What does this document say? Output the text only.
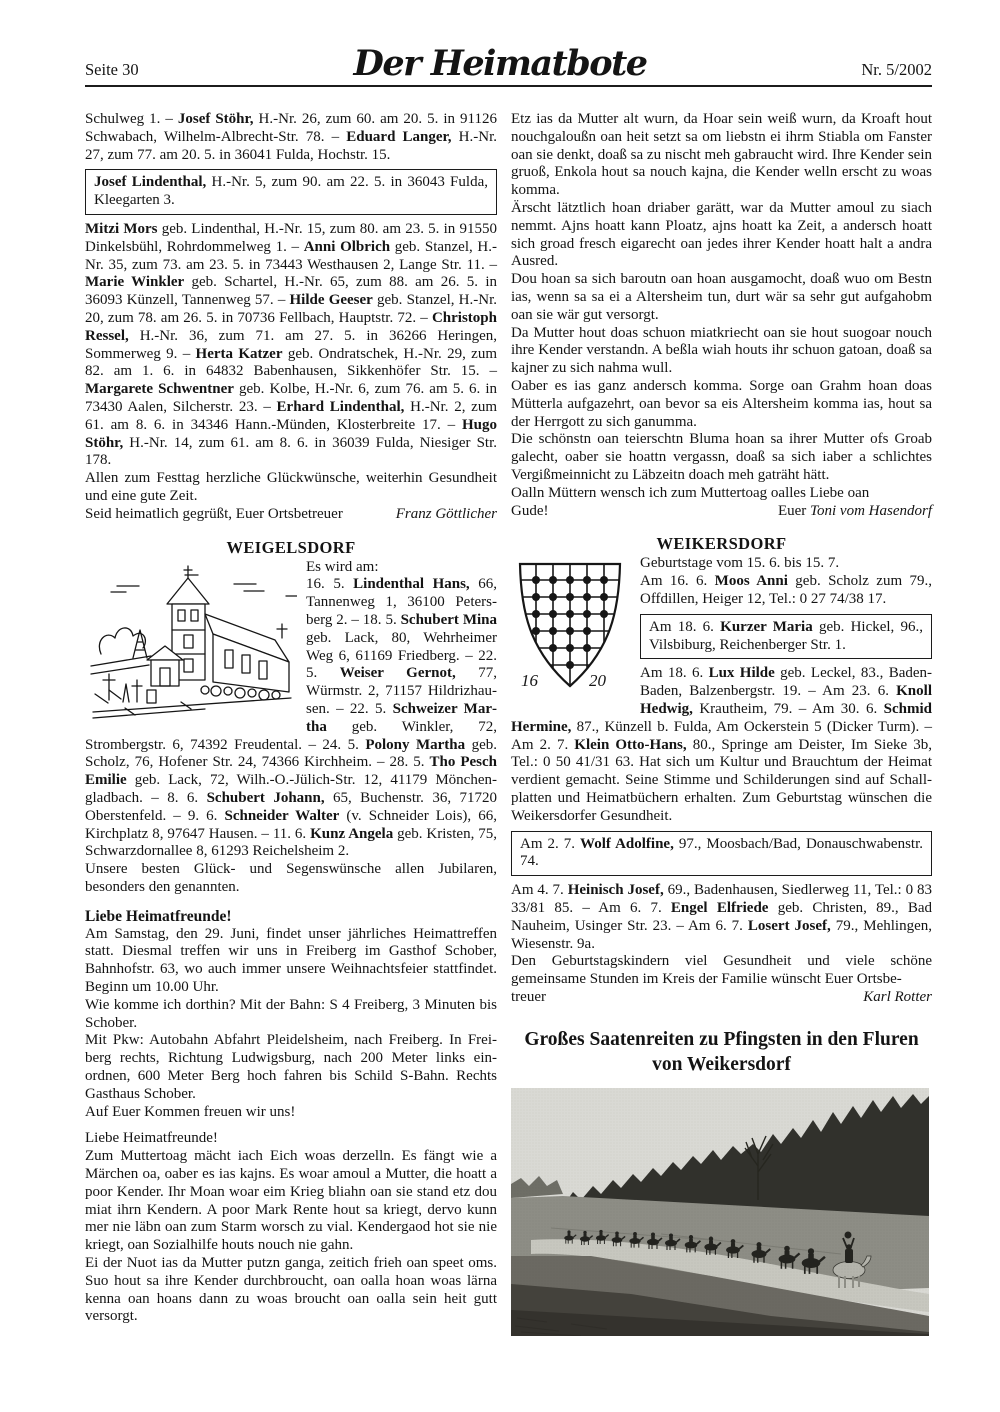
Seite 30	Der Heimatbote	Nr. 5/2002

Schulweg 1. – Josef Stöhr, H.-Nr. 26, zum 60. am 20. 5. in 91126 Schwabach, Wilhelm-Albrecht-Str. 78. – Eduard Langer, H.-Nr. 27, zum 77. am 20. 5. in 36041 Fulda, Hochstr. 15.

Josef Lindenthal, H.-Nr. 5, zum 90. am 22. 5. in 36043 Fulda, Kleegarten 3.

Mitzi Mors geb. Lindenthal, H.-Nr. 15, zum 80. am 23. 5. in 91550 Dinkelsbühl, Rohrdommelweg 1. – Anni Olbrich geb. Stanzel, H.-Nr. 35, zum 73. am 23. 5. in 73443 Westhausen 2, Lange Str. 11. – Marie Winkler geb. Schartel, H.-Nr. 65, zum 88. am 26. 5. in 36093 Künzell, Tannenweg 57. – Hilde Geeser geb. Stanzel, H.-Nr. 20, zum 78. am 26. 5. in 70736 Fellbach, Hauptstr. 72. – Christoph Ressel, H.-Nr. 36, zum 71. am 27. 5. in 36266 Heringen, Sommerweg 9. – Herta Katzer geb. Ondratschek, H.-Nr. 29, zum 82. am 1. 6. in 64832 Babenhausen, Sikkenhöfer Str. 15. – Margarete Schwentner geb. Kolbe, H.-Nr. 6, zum 76. am 5. 6. in 73430 Aalen, Silcherstr. 23. – Erhard Lindenthal, H.-Nr. 2, zum 61. am 8. 6. in 34346 Hann.-Münden, Klosterbreite 17. – Hugo Stöhr, H.-Nr. 14, zum 61. am 8. 6. in 36039 Fulda, Niesiger Str. 178.

Allen zum Festtag herzliche Glückwünsche, weiterhin Gesundheit und eine gute Zeit.

Seid heimatlich gegrüßt, Euer Ortsbetreuer	Franz Göttlicher
WEIGELSDORF

Es wird am:

16. 5. Lindenthal Hans, 66, Tannenweg 1, 36100 Petersberg 2. – 18. 5. Schubert Mina geb. Lack, 80, Wehrheimer Weg 6, 61169 Friedberg. – 22. 5. Weiser Gernot, 77, Würmstr. 2, 71157 Hildrizhausen. – 22. 5. Schweizer Martha geb. Winkler, 72, Strombergstr. 6, 74392 Freudental. – 24. 5. Polony Martha geb. Scholz, 76, Hofener Str. 24, 74366 Kirchheim. – 28. 5. Tho Pesch Emilie geb. Lack, 72, Wilh.-O.-Jülich-Str. 12, 41179 Mönchengladbach. – 8. 6. Schubert Johann, 65, Buchenstr. 36, 71720 Oberstenfeld. – 9. 6. Schneider Walter (v. Schneider Lois), 66, Kirchplatz 8, 97647 Hausen. – 11. 6. Kunz Angela geb. Kristen, 75, Schwarzdornallee 8, 61293 Reichelsheim 2.

Unsere besten Glück- und Segenswünsche allen Jubilaren, besonders den genannten.

Liebe Heimatfreunde!

Am Samstag, den 29. Juni, findet unser jährliches Heimattreffen statt. Diesmal treffen wir uns in Freiberg im Gasthof Schober, Bahnhofstr. 63, wo auch immer unsere Weihnachtsfeier stattfindet. Beginn um 10.00 Uhr.

Wie komme ich dorthin? Mit der Bahn: S 4 Freiberg, 3 Minuten bis Schober.

Mit Pkw: Autobahn Abfahrt Pleidelsheim, nach Freiberg. In Freiberg rechts, Richtung Ludwigsburg, nach 200 Meter links einordnen, 600 Meter Berg hoch fahren bis Schild S-Bahn. Rechts Gasthaus Schober.

Auf Euer Kommen freuen wir uns!

Liebe Heimatfreunde!

Zum Muttertoag mächt iach Eich woas derzelln. Es fängt wie a Märchen oa, oaber es ias kajns. Es woar amoul a Mutter, die hoatt a poor Kender. Ihr Moan woar eim Krieg bliahn oan sie stand etz dou miat ihrn Kendern. A poor Mark Rente hout sa kriegt, dervo kunn mer nie läbn oan zum Starm worsch zu vial. Kendergaod hot sie nie kriegt, oan Sozialhilfe houts nouch nie gahn.

Ei der Nuot ias da Mutter putzn ganga, zeitich frieh oan speet oms. Suo hout sa ihre Kender durchbroucht, oan oalla hoan woas lärna kenna oan hoans dann zu woas broucht oan oalla sein heit gutt versorgt.

Etz ias da Mutter alt wurn, da Hoar sein weiß wurn, da Kroaft hout nouchgaloußn oan heit setzt sa om liebstn ei ihrm Stiabla om Fanster oan sie denkt, doaß sa zu nischt meh gabraucht wird. Ihre Kender sein gruoß, Enkola hout sa nouch kajna, die Kender welln erscht zu woas komma.

Ärscht lätztlich hoan driaber garätt, war da Mutter amoul zu siach nemmt. Ajns hoatt kann Ploatz, ajns hoatt ka Zeit, a andersch hoatt sich groad fresch eigarecht oan jedes ihrer Kender hoatt halt a andra Ausred.

Dou hoan sa sich baroutn oan hoan ausgamocht, doaß wuo om Bestn ias, wenn sa sa ei a Altersheim tun, durt wär sa sehr gut aufgahobm oan sie wär gut versorgt.

Da Mutter hout doas schuon miatkriecht oan sie hout suogoar nouch ihre Kender verstandn. A beßla wiah houts ihr schuon gatoan, doaß sa kajner zu sich nahma wull.

Oaber es ias ganz andersch komma. Sorge oan Grahm hoan doas Mütterla aufgazehrt, oan bevor sa eis Altersheim komma ias, hout sa der Herrgott zu sich ganumma.

Die schönstn oan teierschtn Bluma hoan sa ihrer Mutter ofs Groab galecht, oaber sie hoattn vergassn, doaß sa sich iaber a schlichtes Vergißmeinnicht zu Läbzeitn doach meh gaträht hätt.

Oalln Müttern wensch ich zum Muttertoag oalles Liebe oan

Gude!	Euer Toni vom Hasendorf
WEIKERSDORF
16	20

Geburtstage vom 15. 6. bis 15. 7.

Am 16. 6. Moos Anni geb. Scholz zum 79., Offdillen, Heiger 12, Tel.: 0 27 74/38 17.

Am 18. 6. Kurzer Maria geb. Hickel, 96., Vilsbiburg, Reichenberger Str. 1.

Am 18. 6. Lux Hilde geb. Leckel, 83., Baden-Baden, Balzenbergstr. 19. – Am 23. 6. Knoll Hedwig, Krautheim, 79. – Am 30. 6. Schmid Hermine, 87., Künzell b. Fulda, Am Ockerstein 5 (Dicker Turm). – Am 2. 7. Klein Otto-Hans, 80., Springe am Deister, Im Sieke 3b, Tel.: 0 50 41/31 63. Hat sich um Kultur und Brauchtum der Heimat verdient gemacht. Seine Stimme und Schilderungen sind auf Schallplatten und Heimatbüchern erhalten. Zum Geburtstag wünschen die Weikersdorfer Gesundheit.

Am 2. 7. Wolf Adolfine, 97., Moosbach/Bad, Donauschwabenstr. 74.

Am 4. 7. Heinisch Josef, 69., Badenhausen, Siedlerweg 11, Tel.: 0 83 33/81 85. – Am 6. 7. Engel Elfriede geb. Christen, 89., Bad Nauheim, Usinger Str. 23. – Am 6. 7. Losert Josef, 79., Mehlingen, Wiesenstr. 9a.

Den Geburtstagskindern viel Gesundheit und viele schöne gemeinsame Stunden im Kreis der Familie wünscht Euer Ortsbe-

treuer	Karl Rotter
Großes Saatenreiten zu Pfingsten in den Fluren von Weikersdorf
